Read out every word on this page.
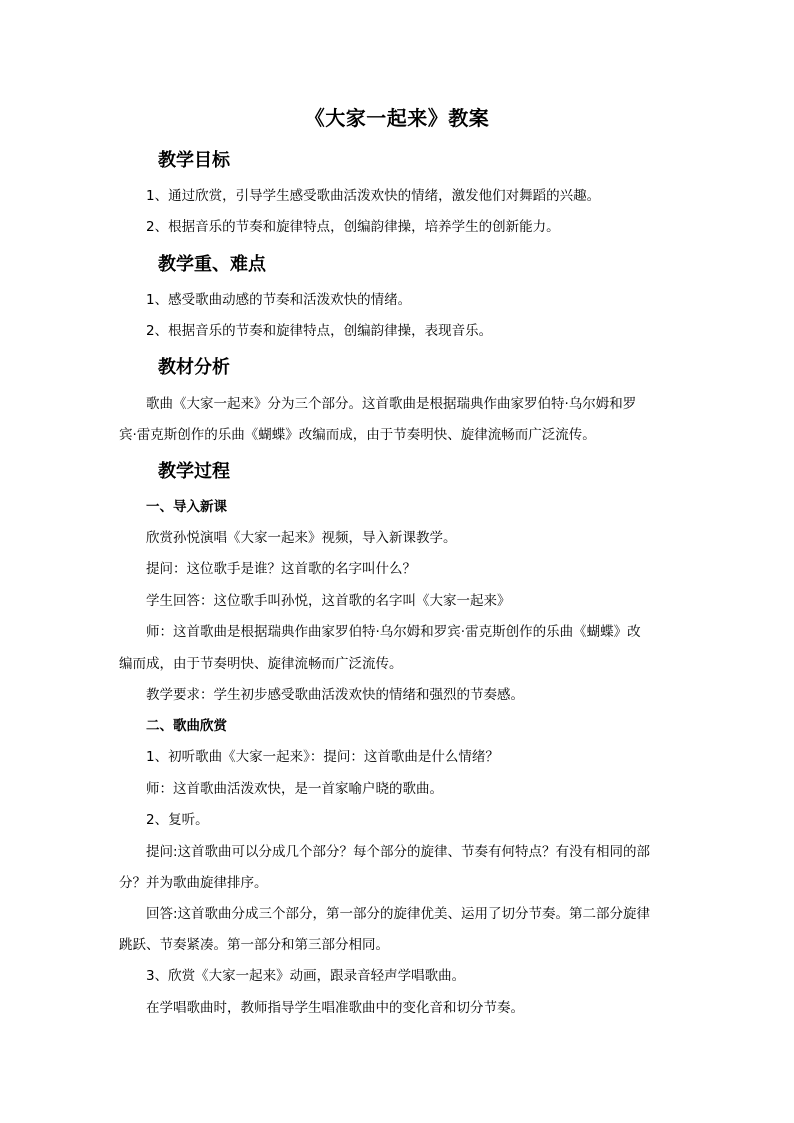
《大家一起来》教案
教学目标
1、通过欣赏，引导学生感受歌曲活泼欢快的情绪，激发他们对舞蹈的兴趣。
2、根据音乐的节奏和旋律特点，创编韵律操，培养学生的创新能力。
教学重、难点
1、感受歌曲动感的节奏和活泼欢快的情绪。
2、根据音乐的节奏和旋律特点，创编韵律操，表现音乐。
教材分析
歌曲《大家一起来》分为三个部分。这首歌曲是根据瑞典作曲家罗伯特·乌尔姆和罗
宾·雷克斯创作的乐曲《蝴蝶》改编而成，由于节奏明快、旋律流畅而广泛流传。
教学过程
一、导入新课
欣赏孙悦演唱《大家一起来》视频，导入新课教学。
提问：这位歌手是谁？这首歌的名字叫什么？
学生回答：这位歌手叫孙悦，这首歌的名字叫《大家一起来》
师：这首歌曲是根据瑞典作曲家罗伯特·乌尔姆和罗宾·雷克斯创作的乐曲《蝴蝶》改
编而成，由于节奏明快、旋律流畅而广泛流传。
教学要求：学生初步感受歌曲活泼欢快的情绪和强烈的节奏感。
二、歌曲欣赏
1、初听歌曲《大家一起来》：提问：这首歌曲是什么情绪？
师：这首歌曲活泼欢快，是一首家喻户晓的歌曲。
2、复听。
提问:这首歌曲可以分成几个部分？每个部分的旋律、节奏有何特点？有没有相同的部
分？并为歌曲旋律排序。
回答:这首歌曲分成三个部分，第一部分的旋律优美、运用了切分节奏。第二部分旋律
跳跃、节奏紧凑。第一部分和第三部分相同。
3、欣赏《大家一起来》动画，跟录音轻声学唱歌曲。
在学唱歌曲时，教师指导学生唱准歌曲中的变化音和切分节奏。
